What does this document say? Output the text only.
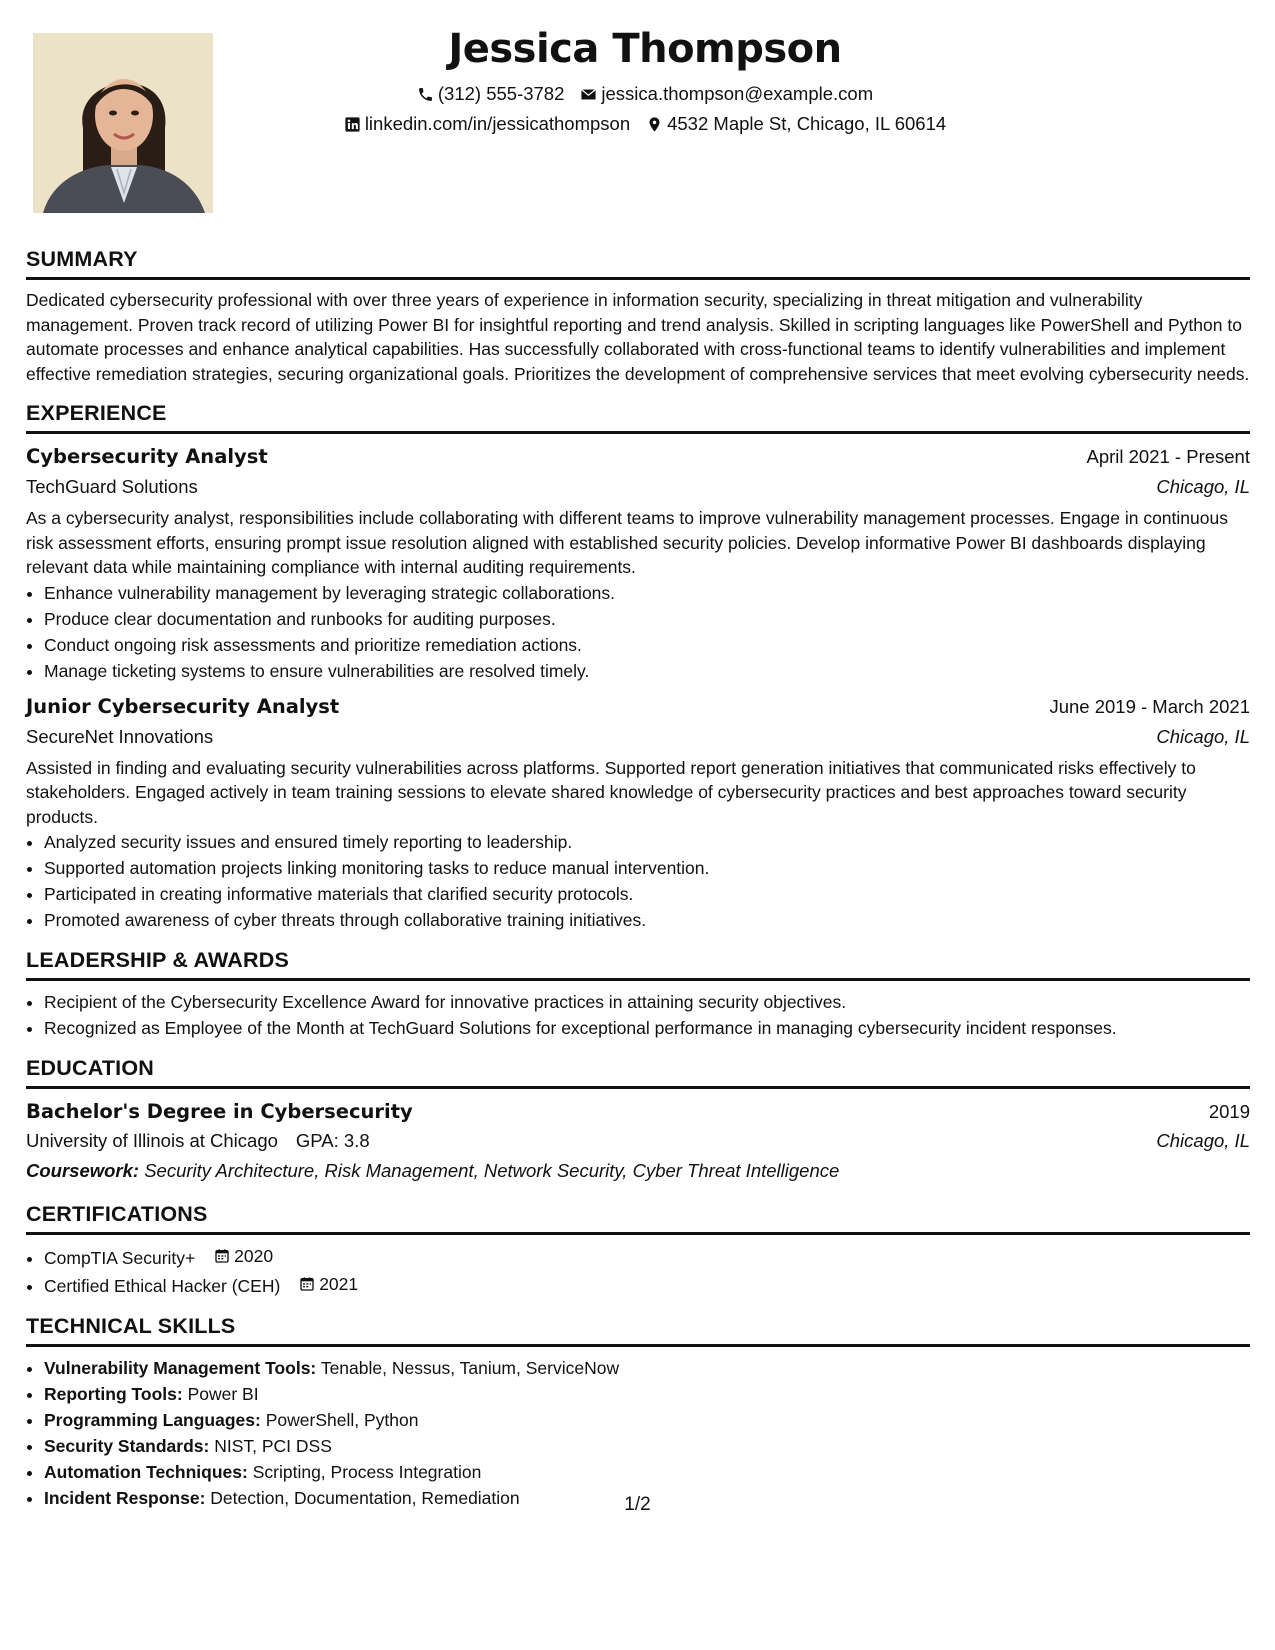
Jessica Thompson
(312) 555-3782 jessica.thompson@example.com
linkedin.com/in/jessicathompson 4532 Maple St, Chicago, IL 60614
SUMMARY

Dedicated cybersecurity professional with over three years of experience in information security, specializing in threat mitigation and vulnerability management. Proven track record of utilizing Power BI for insightful reporting and trend analysis. Skilled in scripting languages like PowerShell and Python to automate processes and enhance analytical capabilities. Has successfully collaborated with cross-functional teams to identify vulnerabilities and implement effective remediation strategies, securing organizational goals. Prioritizes the development of comprehensive services that meet evolving cybersecurity needs.

EXPERIENCE
Cybersecurity Analyst	April 2021 - Present
TechGuard Solutions	Chicago, IL

As a cybersecurity analyst, responsibilities include collaborating with different teams to improve vulnerability management processes. Engage in continuous risk assessment efforts, ensuring prompt issue resolution aligned with established security policies. Develop informative Power BI dashboards displaying relevant data while maintaining compliance with internal auditing requirements.

• Enhance vulnerability management by leveraging strategic collaborations.
• Produce clear documentation and runbooks for auditing purposes.
• Conduct ongoing risk assessments and prioritize remediation actions.
• Manage ticketing systems to ensure vulnerabilities are resolved timely.
Junior Cybersecurity Analyst	June 2019 - March 2021
SecureNet Innovations	Chicago, IL

Assisted in finding and evaluating security vulnerabilities across platforms. Supported report generation initiatives that communicated risks effectively to stakeholders. Engaged actively in team training sessions to elevate shared knowledge of cybersecurity practices and best approaches toward security products.

• Analyzed security issues and ensured timely reporting to leadership.
• Supported automation projects linking monitoring tasks to reduce manual intervention.
• Participated in creating informative materials that clarified security protocols.
• Promoted awareness of cyber threats through collaborative training initiatives.
LEADERSHIP & AWARDS
• Recipient of the Cybersecurity Excellence Award for innovative practices in attaining security objectives.
• Recognized as Employee of the Month at TechGuard Solutions for exceptional performance in managing cybersecurity incident responses.
EDUCATION
Bachelor's Degree in Cybersecurity	2019
University of Illinois at Chicago GPA: 3.8	Chicago, IL
Coursework: Security Architecture, Risk Management, Network Security, Cyber Threat Intelligence
CERTIFICATIONS
• CompTIA Security+ 2020
• Certified Ethical Hacker (CEH) 2021
TECHNICAL SKILLS
• Vulnerability Management Tools: Tenable, Nessus, Tanium, ServiceNow
• Reporting Tools: Power BI
• Programming Languages: PowerShell, Python
• Security Standards: NIST, PCI DSS
• Automation Techniques: Scripting, Process Integration
• Incident Response: Detection, Documentation, Remediation	1/2
